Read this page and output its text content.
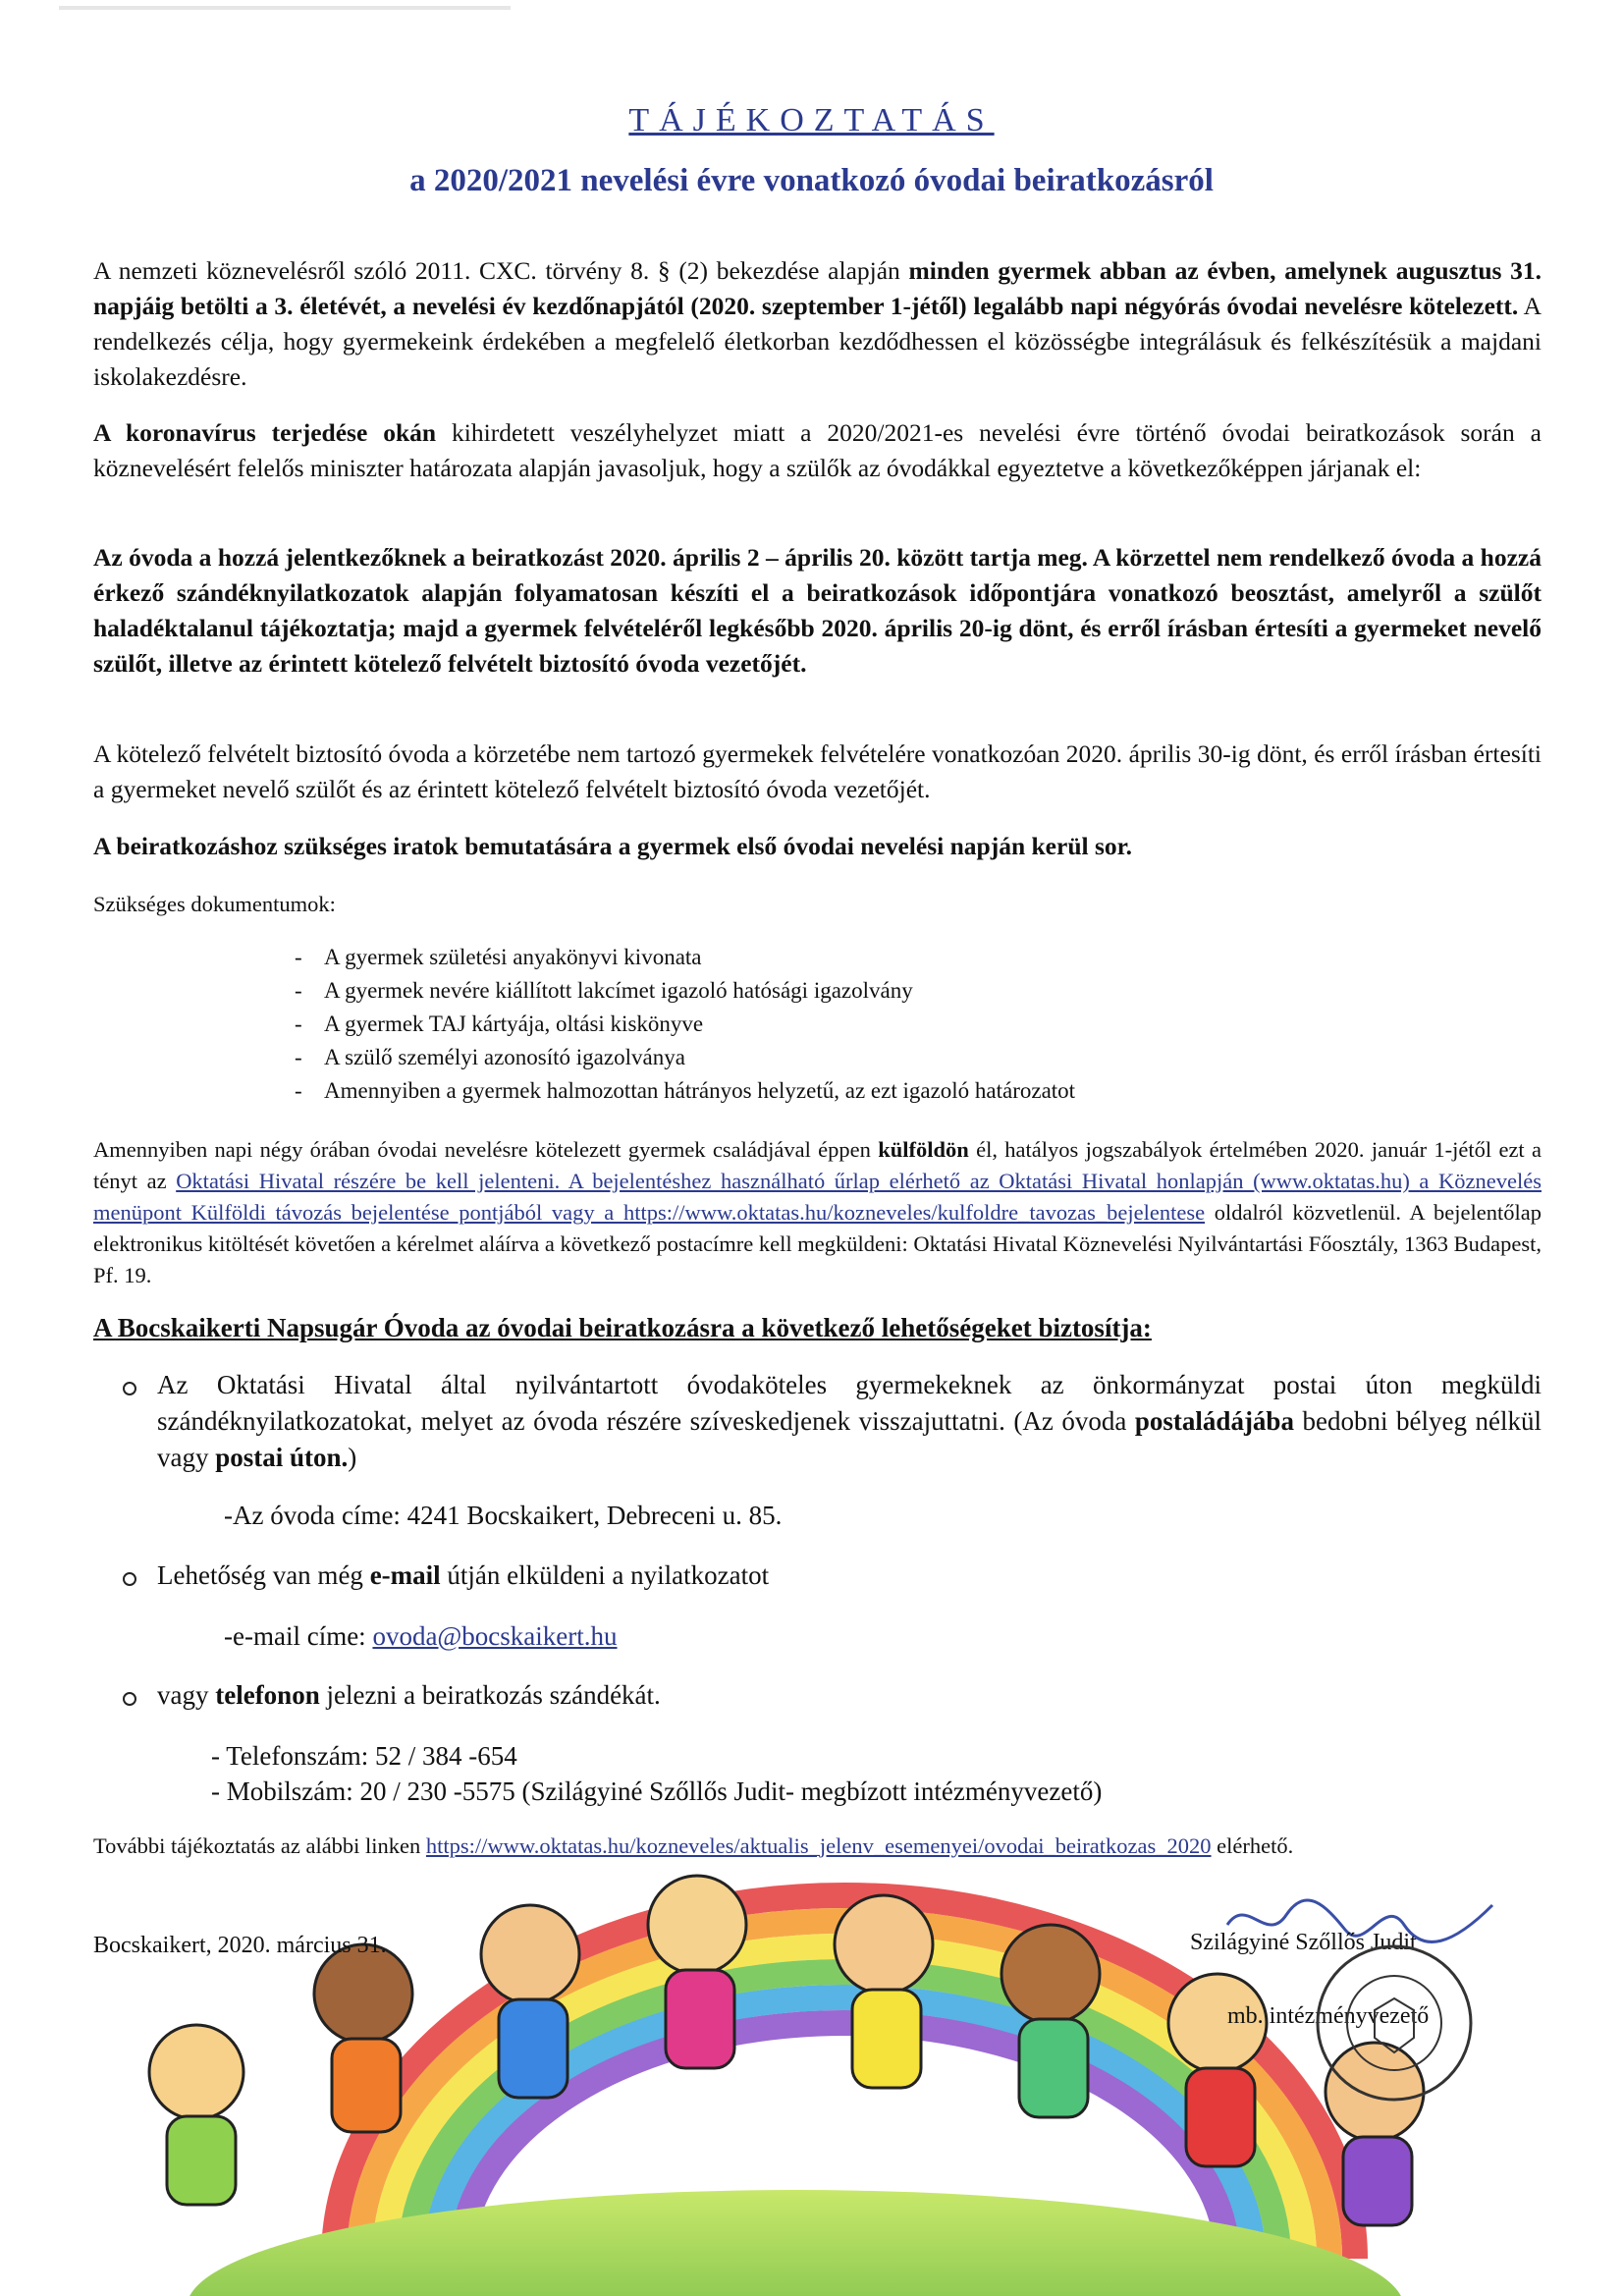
TÁJÉKOZTATÁS
a 2020/2021 nevelési évre vonatkozó óvodai beiratkozásról

A nemzeti köznevelésről szóló 2011. CXC. törvény 8. § (2) bekezdése alapján minden gyermek abban az évben, amelynek augusztus 31. napjáig betölti a 3. életévét, a nevelési év kezdőnapjától (2020. szeptember 1-jétől) legalább napi négyórás óvodai nevelésre kötelezett. A rendelkezés célja, hogy gyermekeink érdekében a megfelelő életkorban kezdődhessen el közösségbe integrálásuk és felkészítésük a majdani iskolakezdésre.

A koronavírus terjedése okán kihirdetett veszélyhelyzet miatt a 2020/2021-es nevelési évre történő óvodai beiratkozások során a köznevelésért felelős miniszter határozata alapján javasoljuk, hogy a szülők az óvodákkal egyeztetve a következőképpen járjanak el:

Az óvoda a hozzá jelentkezőknek a beiratkozást 2020. április 2 – április 20. között tartja meg. A körzettel nem rendelkező óvoda a hozzá érkező szándéknyilatkozatok alapján folyamatosan készíti el a beiratkozások időpontjára vonatkozó beosztást, amelyről a szülőt haladéktalanul tájékoztatja; majd a gyermek felvételéről legkésőbb 2020. április 20-ig dönt, és erről írásban értesíti a gyermeket nevelő szülőt, illetve az érintett kötelező felvételt biztosító óvoda vezetőjét.

A kötelező felvételt biztosító óvoda a körzetébe nem tartozó gyermekek felvételére vonatkozóan 2020. április 30-ig dönt, és erről írásban értesíti a gyermeket nevelő szülőt és az érintett kötelező felvételt biztosító óvoda vezetőjét.

A beiratkozáshoz szükséges iratok bemutatására a gyermek első óvodai nevelési napján kerül sor.

Szükséges dokumentumok:

- A gyermek születési anyakönyvi kivonata
- A gyermek nevére kiállított lakcímet igazoló hatósági igazolvány
- A gyermek TAJ kártyája, oltási kiskönyve
- A szülő személyi azonosító igazolványa
- Amennyiben a gyermek halmozottan hátrányos helyzetű, az ezt igazoló határozatot

Amennyiben napi négy órában óvodai nevelésre kötelezett gyermek családjával éppen külföldön él, hatályos jogszabályok értelmében 2020. január 1-jétől ezt a tényt az Oktatási Hivatal részére be kell jelenteni. A bejelentéshez használható űrlap elérhető az Oktatási Hivatal honlapján (www.oktatas.hu) a Köznevelés menüpont Külföldi távozás bejelentése pontjából vagy a https://www.oktatas.hu/kozneveles/kulfoldre_tavozas_bejelentese oldalról közvetlenül. A bejelentőlap elektronikus kitöltését követően a kérelmet aláírva a következő postacímre kell megküldeni: Oktatási Hivatal Köznevelési Nyilvántartási Főosztály, 1363 Budapest, Pf. 19.

A Bocskaikerti Napsugár Óvoda az óvodai beiratkozásra a következő lehetőségeket biztosítja:
Az Oktatási Hivatal által nyilvántartott óvodaköteles gyermekeknek az önkormányzat postai úton megküldi szándéknyilatkozatokat, melyet az óvoda részére szíveskedjenek visszajuttatni. (Az óvoda postaládájába bedobni bélyeg nélkül vagy postai úton.)
-Az óvoda címe: 4241 Bocskaikert, Debreceni u. 85.
Lehetőség van még e-mail útján elküldeni a nyilatkozatot
-e-mail címe: ovoda@bocskaikert.hu
vagy telefonon jelezni a beiratkozás szándékát.
- Telefonszám: 52 / 384 -654
- Mobilszám: 20 / 230 -5575 (Szilágyiné Szőllős Judit- megbízott intézményvezető)

További tájékoztatás az alábbi linken https://www.oktatas.hu/kozneveles/aktualis_jelenv_esemenyei/ovodai_beiratkozas_2020 elérhető.

Bocskaikert, 2020. március 31.	Szilágyiné Szőllős Judit
mb. intézményvezető
